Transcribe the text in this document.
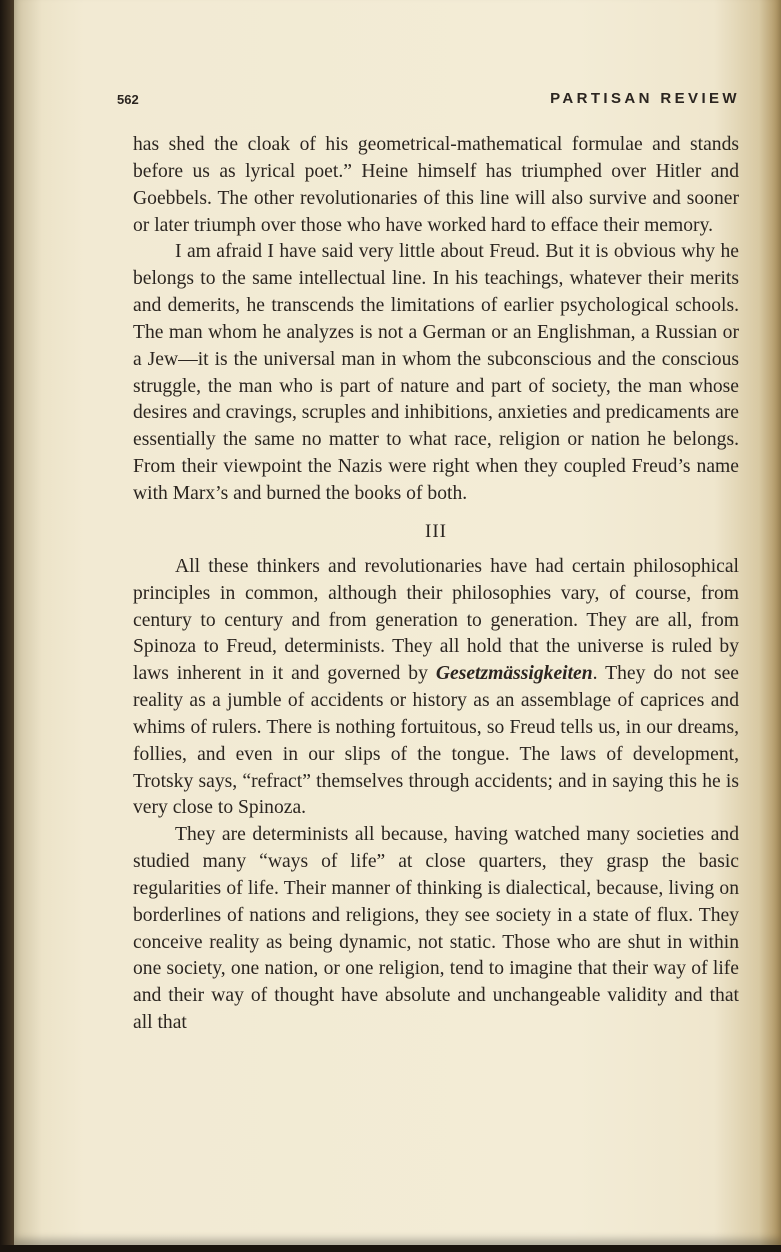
562	PARTISAN REVIEW

has shed the cloak of his geometrical-mathematical formulae and stands before us as lyrical poet.” Heine himself has triumphed over Hitler and Goebbels. The other revolutionaries of this line will also survive and sooner or later triumph over those who have worked hard to efface their memory.

I am afraid I have said very little about Freud. But it is obvious why he belongs to the same intellectual line. In his teachings, whatever their merits and demerits, he transcends the limitations of earlier psychological schools. The man whom he analyzes is not a German or an Englishman, a Russian or a Jew—it is the universal man in whom the subconscious and the conscious struggle, the man who is part of nature and part of society, the man whose desires and cravings, scruples and inhibitions, anxieties and predicaments are essentially the same no matter to what race, religion or nation he belongs. From their viewpoint the Nazis were right when they coupled Freud’s name with Marx’s and burned the books of both.

III

All these thinkers and revolutionaries have had certain philosophical principles in common, although their philosophies vary, of course, from century to century and from generation to generation. They are all, from Spinoza to Freud, determinists. They all hold that the universe is ruled by laws inherent in it and governed by Gesetzmässigkeiten. They do not see reality as a jumble of accidents or history as an assemblage of caprices and whims of rulers. There is nothing fortuitous, so Freud tells us, in our dreams, follies, and even in our slips of the tongue. The laws of development, Trotsky says, “refract” themselves through accidents; and in saying this he is very close to Spinoza.

They are determinists all because, having watched many societies and studied many “ways of life” at close quarters, they grasp the basic regularities of life. Their manner of thinking is dialectical, because, living on borderlines of nations and religions, they see society in a state of flux. They conceive reality as being dynamic, not static. Those who are shut in within one society, one nation, or one religion, tend to imagine that their way of life and their way of thought have absolute and unchangeable validity and that all that
